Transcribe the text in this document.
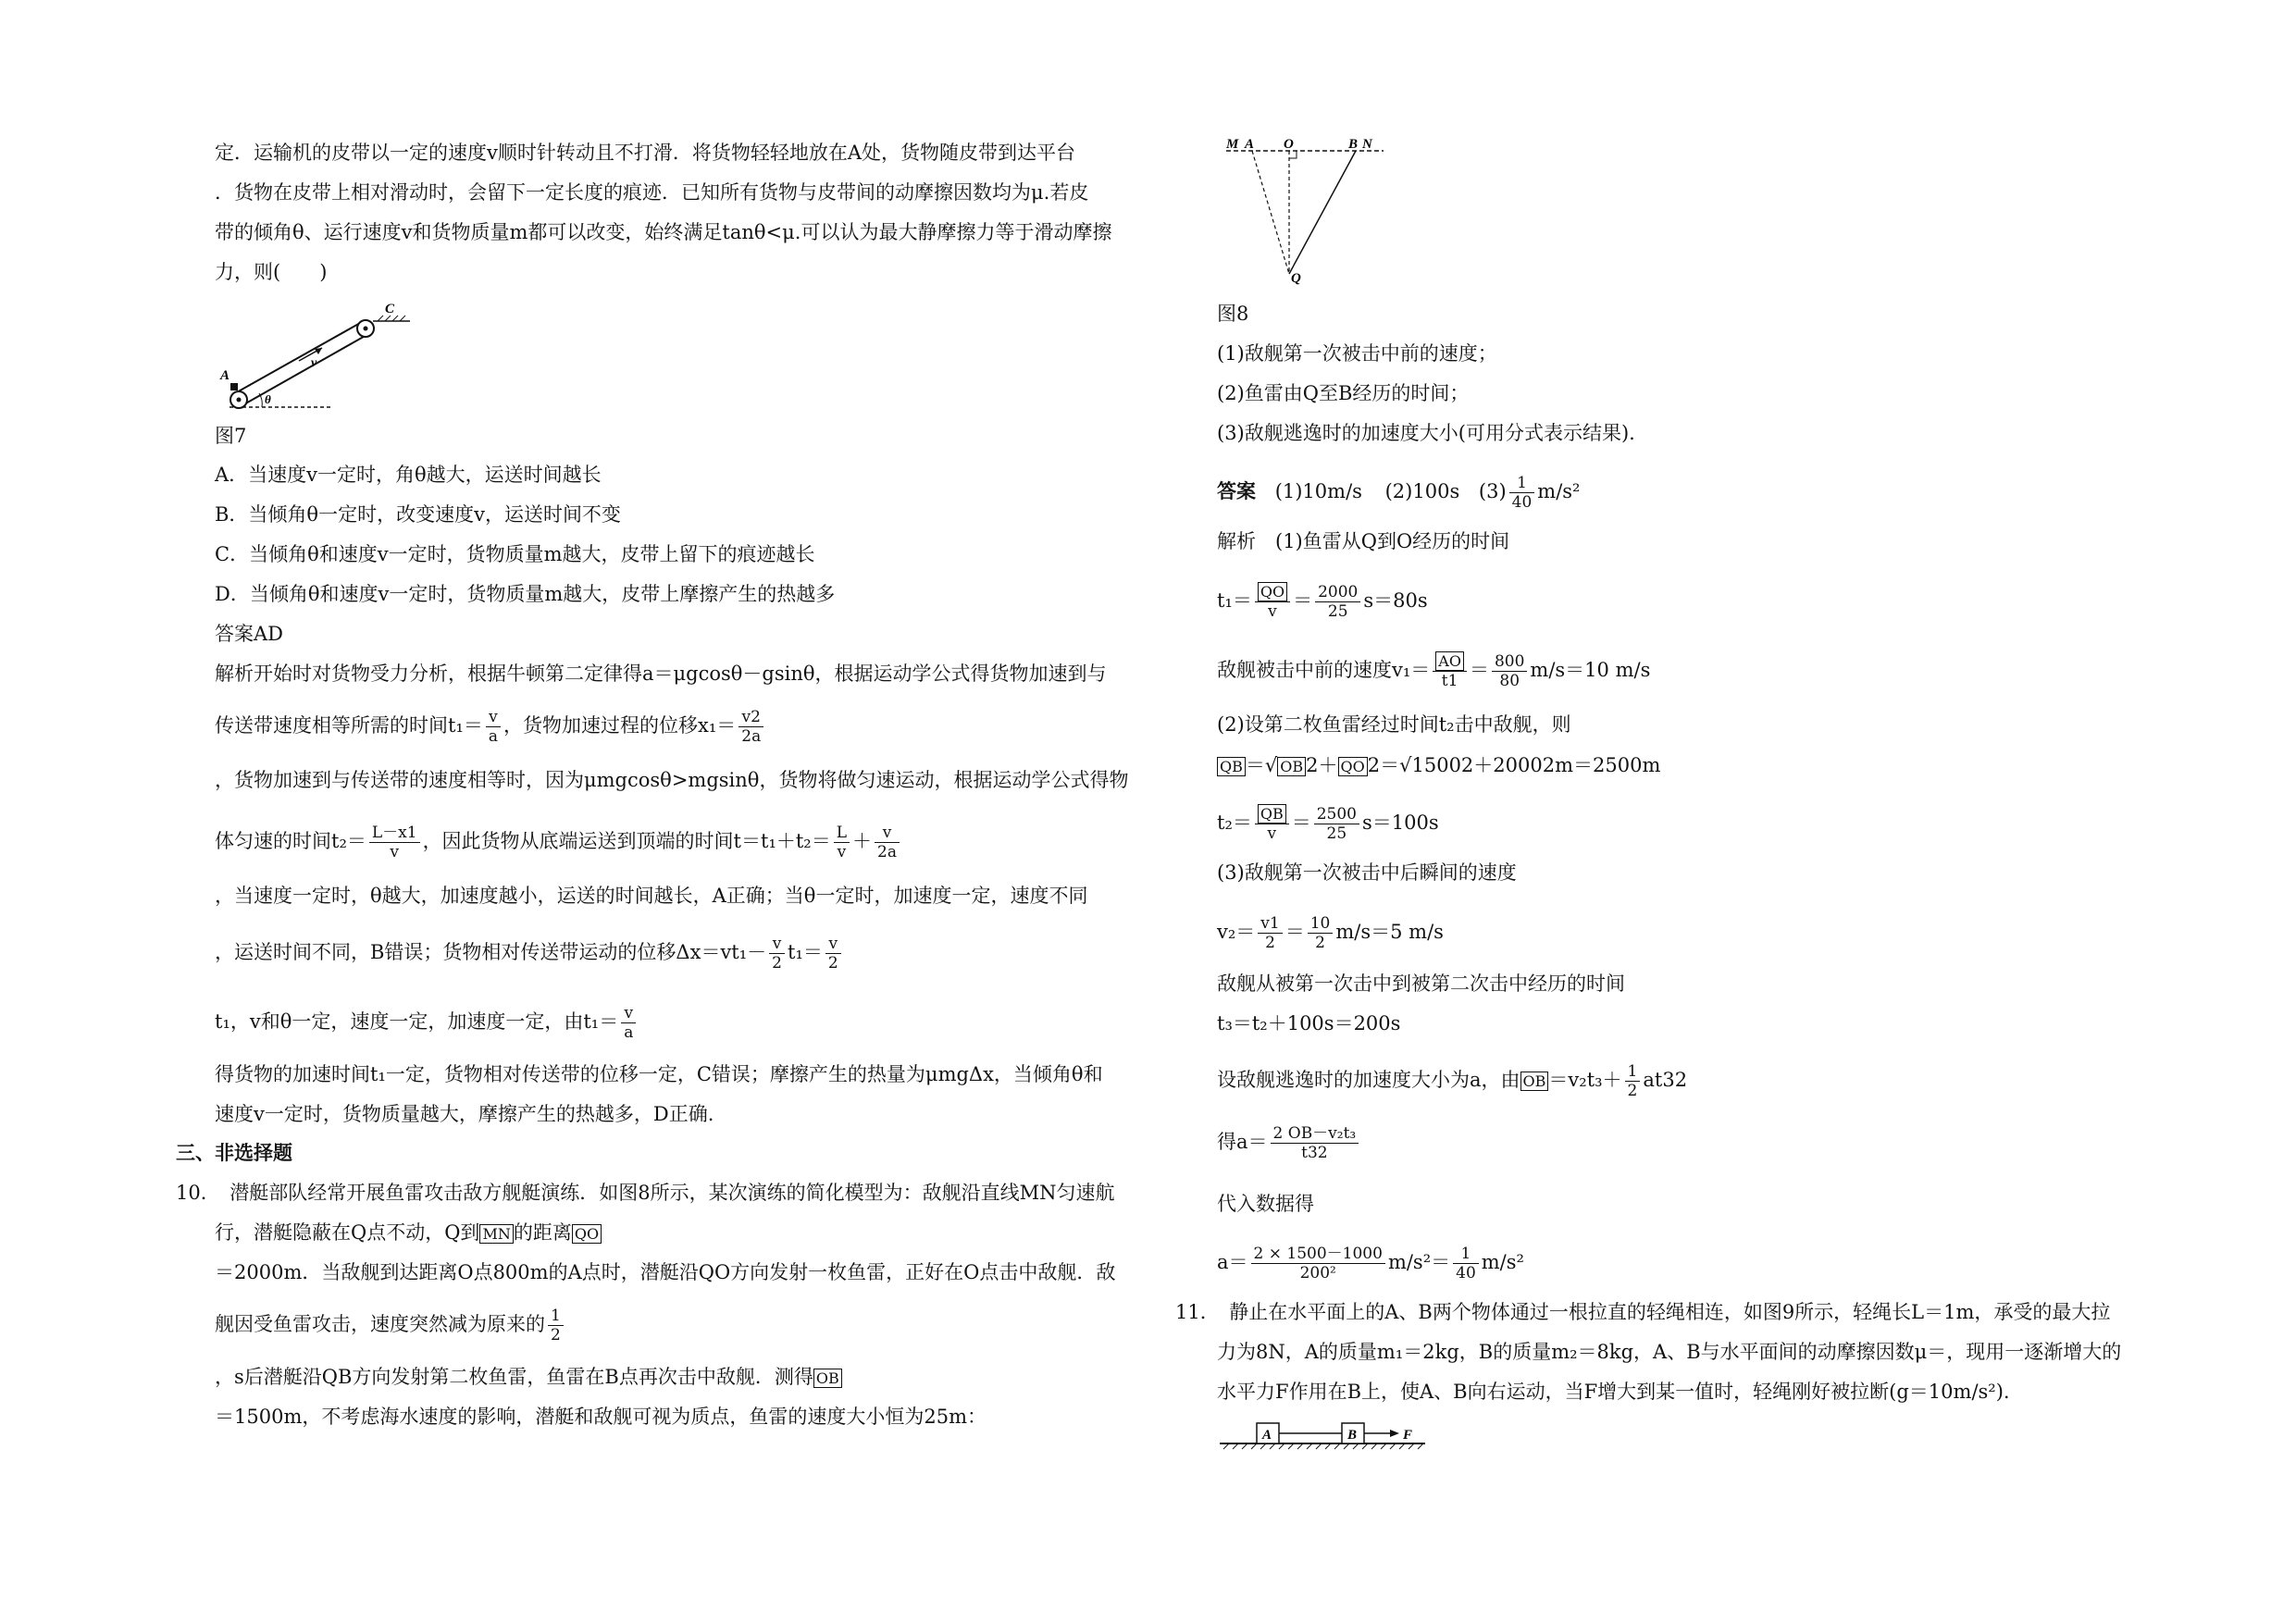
定．运输机的皮带以一定的速度v顺时针转动且不打滑．将货物轻轻地放在A处，货物随皮带到达平台
．货物在皮带上相对滑动时，会留下一定长度的痕迹．已知所有货物与皮带间的动摩擦因数均为μ.若皮
带的倾角θ、运行速度v和货物质量m都可以改变，始终满足tanθ<μ.可以认为最大静摩擦力等于滑动摩擦
力，则(　　)
A
C
v
θ
图7
A．当速度v一定时，角θ越大，运送时间越长
B．当倾角θ一定时，改变速度v，运送时间不变
C．当倾角θ和速度v一定时，货物质量m越大，皮带上留下的痕迹越长
D．当倾角θ和速度v一定时，货物质量m越大，皮带上摩擦产生的热越多
答案AD
解析开始时对货物受力分析，根据牛顿第二定律得a＝μgcosθ－gsinθ，根据运动学公式得货物加速到与
传送带速度相等所需的时间$t_1= \frac{v}{a}$ ，货物加速过程的位移$x_1= \frac{v2}{2a}$
，货物加速到与传送带的速度相等时，因为μmgcosθ>mgsinθ，货物将做匀速运动，根据运动学公式得物
体匀速的时间$t_2= \frac{L-x1}{v}$ ，因此货物从底端运送到顶端的时间$t=t_1+t_2= \frac{L}{v} + \frac{v}{2a}$
，当速度一定时，θ越大，加速度越小，运送的时间越长，A正确；当θ一定时，加速度一定，速度不同
，运送时间不同，B错误；货物相对传送带运动的位移$\Delta x=vt_1- \frac{v}{2} t_1= \frac{v}{2}$
t₁，v和θ一定，速度一定，加速度一定，由$t_1= \frac{v}{a}$
得货物的加速时间t₁一定，货物相对传送带的位移一定，C错误；摩擦产生的热量为μmgΔx，当倾角θ和
速度v一定时，货物质量越大，摩擦产生的热越多，D正确.
三、非选择题
10．　潜艇部队经常开展鱼雷攻击敌方舰艇演练．如图8所示，某次演练的简化模型为：敌舰沿直线MN匀速航
行，潜艇隐蔽在Q点不动，Q到 MN 的距离 QO
＝2000m．当敌舰到达距离O点800m的A点时，潜艇沿QO方向发射一枚鱼雷，正好在O点击中敌舰．敌
舰因受鱼雷攻击，速度突然减为原来的 $\frac{1}{2}$
，s后潜艇沿QB方向发射第二枚鱼雷，鱼雷在B点再次击中敌舰．测得 OB
＝1500m，不考虑海水速度的影响，潜艇和敌舰可视为质点，鱼雷的速度大小恒为25m：
M A O	B N
Q
图8
(1)敌舰第一次被击中前的速度；
(2)鱼雷由Q至B经历的时间；
(3)敌舰逃逸时的加速度大小(可用分式表示结果).
答案 (1)10m/s (2)100s $(3) \frac{1}{40} m/s^2$
解析　(1)鱼雷从Q到O经历的时间
$t_1= \frac{QO}{v} = \frac{2000}{25} s=80s$
敌舰被击中前的速度$v_1= \frac{AO}{t1} = \frac{800}{80} m/s=10$ m/s
(2)设第二枚鱼雷经过时间t₂击中敌舰，则
QB ＝√ OB 2＋ QO 2＝√15002＋20002m＝2500m
$t_2= \frac{QB}{v} = \frac{2500}{25} s=100s$
(3)敌舰第一次被击中后瞬间的速度
$v_2= \frac{v1}{2} = \frac{10}{2} m/s=5$ m/s
敌舰从被第一次击中到被第二次击中经历的时间
t₃＝t₂＋100s＝200s
设敌舰逃逸时的加速度大小为a，由 OB $=v_2t_3+ \frac{1}{2} at32$
得$a= \frac{\text{2 OB－v₂t₃}}{t32}$
代入数据得
$a= \frac{2 \times 1500-1000}{\text{200²}} m/s^2= \frac{1}{40} m/s^2$
11．　静止在水平面上的A、B两个物体通过一根拉直的轻绳相连，如图9所示，轻绳长L＝1m，承受的最大拉
力为8N，A的质量m₁＝2kg，B的质量m₂＝8kg，A、B与水平面间的动摩擦因数μ＝，现用一逐渐增大的
水平力F作用在B上，使A、B向右运动，当F增大到某一值时，轻绳刚好被拉断(g＝10m/s²).
A	B	F
